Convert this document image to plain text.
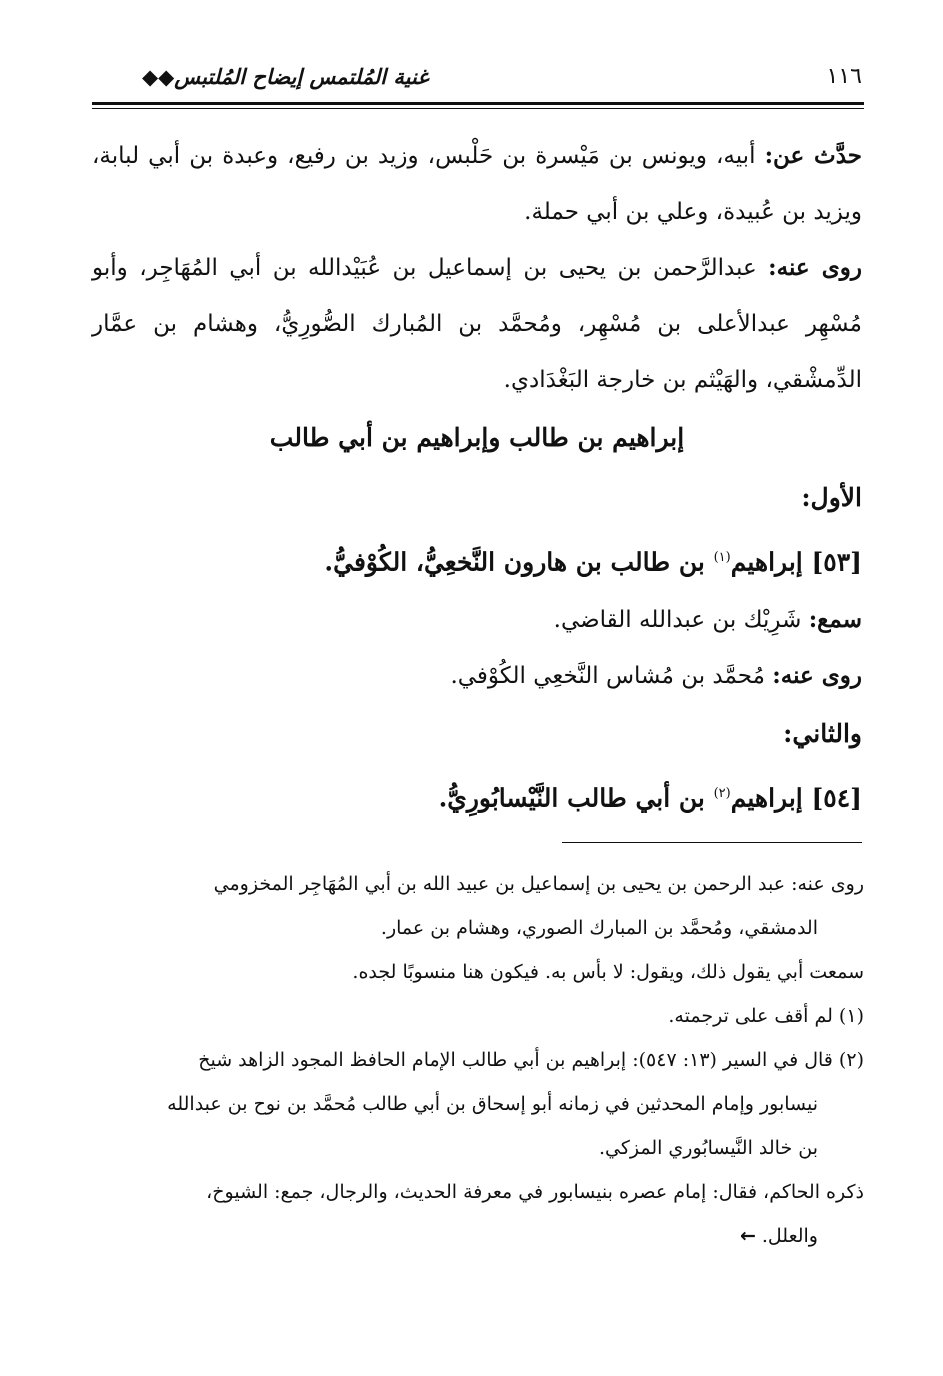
١١٦
غنية المُلتمس إيضاح المُلتبس◆◆

حدَّث عن: أبيه، ويونس بن مَيْسرة بن حَلْبس، وزيد بن رفيع، وعبدة بن أبي لبابة، ويزيد بن عُبيدة، وعلي بن أبي حملة.

روى عنه: عبدالرَّحمن بن يحيى بن إسماعيل بن عُبَيْدالله بن أبي المُهَاجِر، وأبو مُسْهِر عبدالأعلى بن مُسْهِر، ومُحمَّد بن المُبارك الصُّورِيُّ، وهشام بن عمَّار الدِّمشْقي، والهَيْثم بن خارجة البَغْدَادي.

إبراهيم بن طالب وإبراهيم بن أبي طالب

الأول:

[٥٣] إبراهيم$^{(١)}$ بن طالب بن هارون النَّخعِيُّ، الكُوْفيُّ.

سمع: شَرِيْك بن عبدالله القاضي.

روى عنه: مُحمَّد بن مُشاس النَّخعِي الكُوْفي.

والثاني:

[٥٤] إبراهيم$^{(٢)}$ بن أبي طالب النَّيْسابُورِيُّ.

روى عنه: عبد الرحمن بن يحيى بن إسماعيل بن عبيد الله بن أبي المُهَاجِر المخزومي

الدمشقي، ومُحمَّد بن المبارك الصوري، وهشام بن عمار.

سمعت أبي يقول ذلك، ويقول: لا بأس به. فيكون هنا منسوبًا لجده.

(١) لم أقف على ترجمته.

(٢) قال في السير (١٣: ٥٤٧): إبراهيم بن أبي طالب الإمام الحافظ المجود الزاهد شيخ

نيسابور وإمام المحدثين في زمانه أبو إسحاق بن أبي طالب مُحمَّد بن نوح بن عبدالله

بن خالد النَّيسابُوري المزكي.

ذكره الحاكم، فقال: إمام عصره بنيسابور في معرفة الحديث، والرجال، جمع: الشيوخ،

والعلل.←
